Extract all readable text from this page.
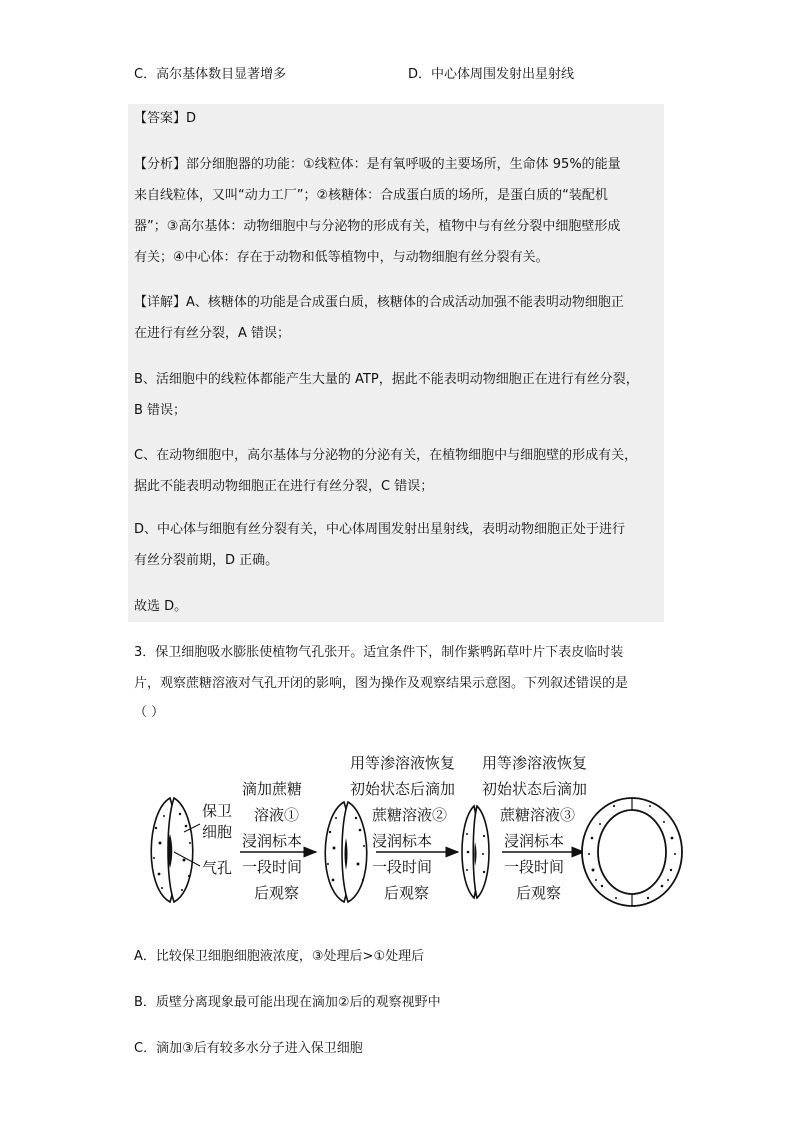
C．高尔基体数目显著增多	D．中心体周围发射出星射线
【答案】D
【分析】部分细胞器的功能：①线粒体：是有氧呼吸的主要场所，生命体 95%的能量
来自线粒体，又叫“动力工厂”；②核糖体：合成蛋白质的场所，是蛋白质的“装配机
器”；③高尔基体：动物细胞中与分泌物的形成有关，植物中与有丝分裂中细胞壁形成
有关；④中心体：存在于动物和低等植物中，与动物细胞有丝分裂有关。
【详解】A、核糖体的功能是合成蛋白质，核糖体的合成活动加强不能表明动物细胞正
在进行有丝分裂，A 错误；
B、活细胞中的线粒体都能产生大量的 ATP，据此不能表明动物细胞正在进行有丝分裂，
B 错误；
C、在动物细胞中，高尔基体与分泌物的分泌有关，在植物细胞中与细胞壁的形成有关，
据此不能表明动物细胞正在进行有丝分裂，C 错误；
D、中心体与细胞有丝分裂有关，中心体周围发射出星射线，表明动物细胞正处于进行
有丝分裂前期，D 正确。
故选 D。
3．保卫细胞吸水膨胀使植物气孔张开。适宜条件下，制作紫鸭跖草叶片下表皮临时装
片，观察蔗糖溶液对气孔开闭的影响，图为操作及观察结果示意图。下列叙述错误的是
（ ）
保卫
细胞
气孔
滴加蔗糖
溶液①
浸润标本
一段时间
后观察
用等渗溶液恢复
初始状态后滴加
蔗糖溶液②
浸润标本
一段时间
后观察
用等渗溶液恢复
初始状态后滴加
蔗糖溶液③
浸润标本
一段时间
后观察
A．比较保卫细胞细胞液浓度，③处理后>①处理后
B．质壁分离现象最可能出现在滴加②后的观察视野中
C．滴加③后有较多水分子进入保卫细胞
